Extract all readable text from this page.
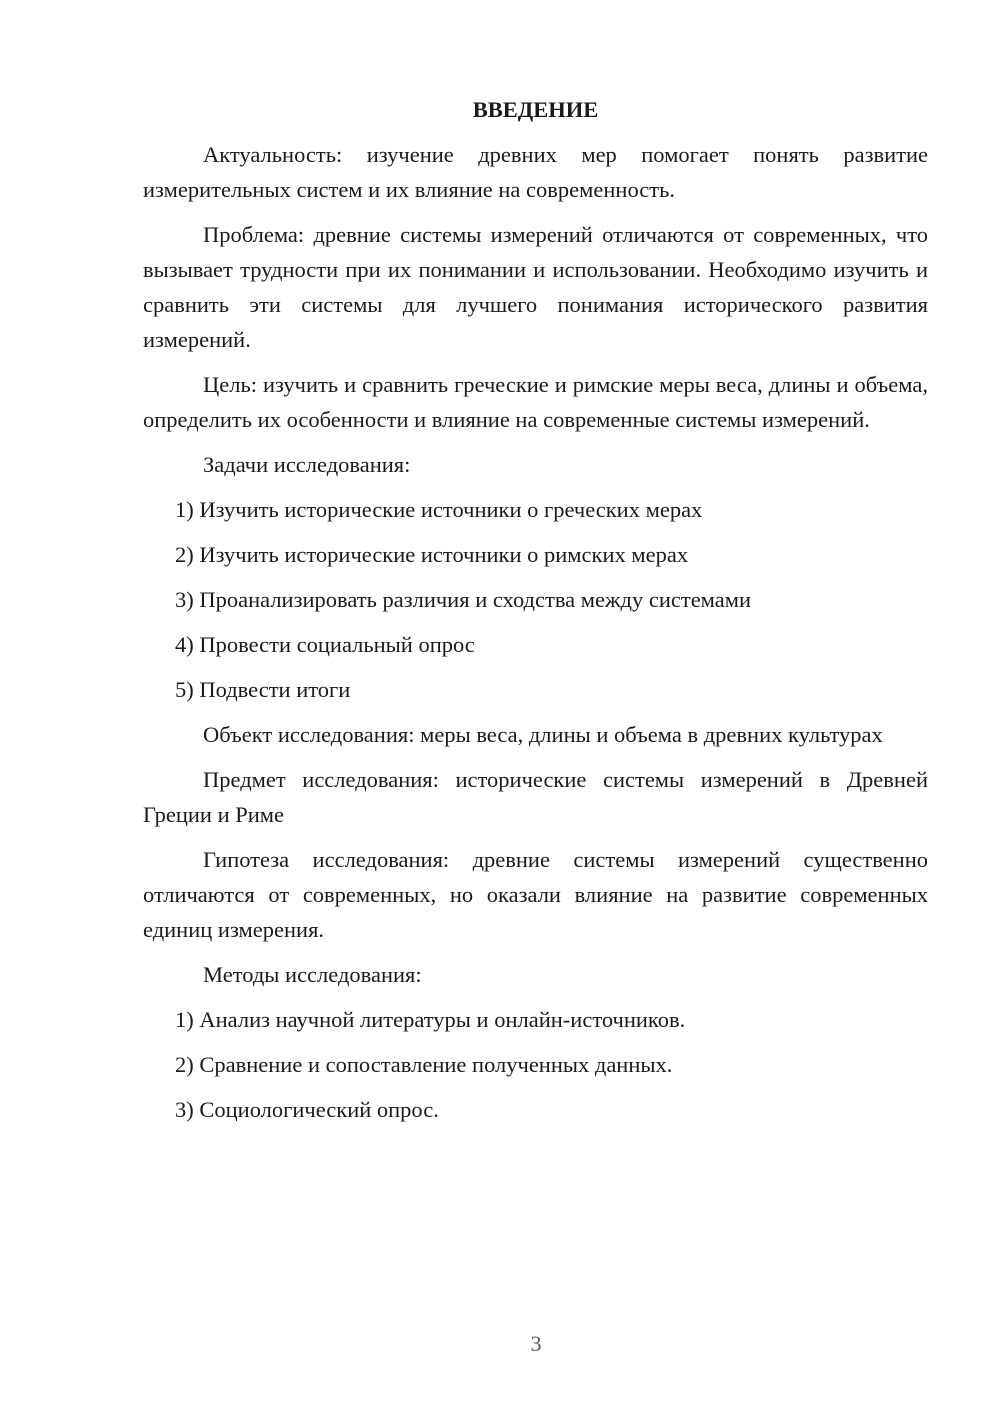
ВВЕДЕНИЕ

Актуальность: изучение древних мер помогает понять развитие измерительных систем и их влияние на современность.

Проблема: древние системы измерений отличаются от современных, что вызывает трудности при их понимании и использовании. Необходимо изучить и сравнить эти системы для лучшего понимания исторического развития измерений.

Цель: изучить и сравнить греческие и римские меры веса, длины и объема, определить их особенности и влияние на современные системы измерений.

Задачи исследования:

1) Изучить исторические источники о греческих мерах

2) Изучить исторические источники о римских мерах

3) Проанализировать различия и сходства между системами

4) Провести социальный опрос

5) Подвести итоги

Объект исследования: меры веса, длины и объема в древних культурах

Предмет исследования: исторические системы измерений в Древней Греции и Риме

Гипотеза исследования: древние системы измерений существенно отличаются от современных, но оказали влияние на развитие современных единиц измерения.

Методы исследования:

1) Анализ научной литературы и онлайн-источников.

2) Сравнение и сопоставление полученных данных.

3) Социологический опрос.

3
